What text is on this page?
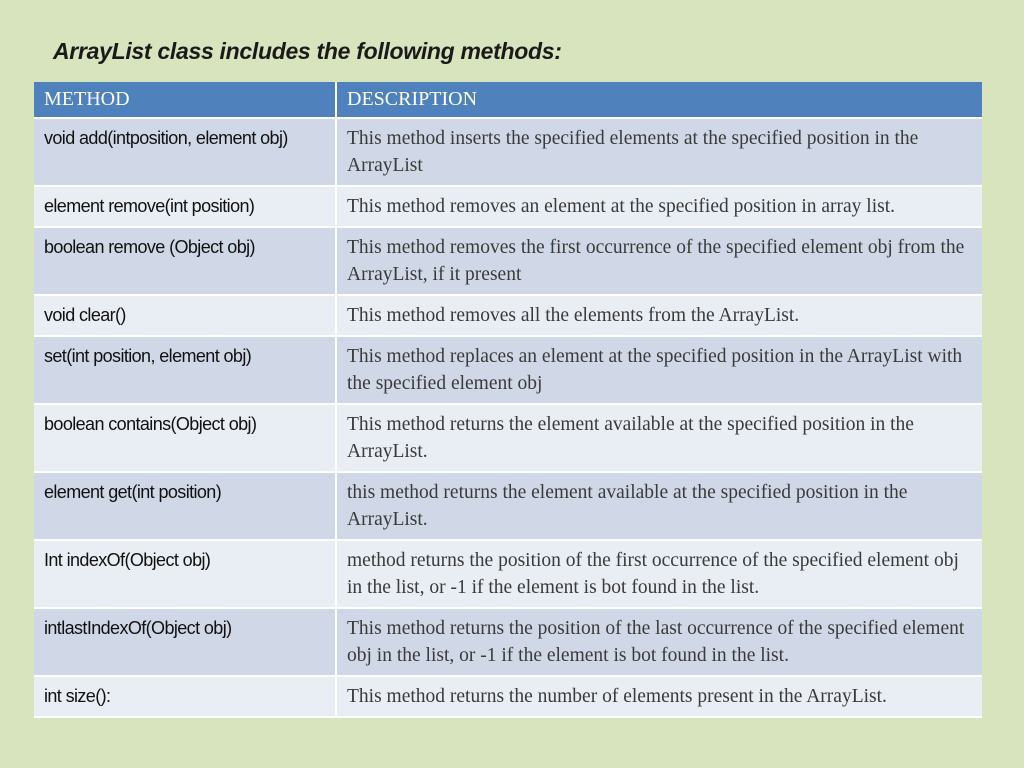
ArrayList class includes the following methods:
METHOD	DESCRIPTION
void add(intposition, element obj)	This method inserts the specified elements at the specified position in the ArrayList
element remove(int position)	This method removes an element at the specified position in array list.
boolean remove (Object obj)	This method removes the first occurrence of the specified element obj from the ArrayList, if it present
void clear()	This method removes all the elements from the ArrayList.
set(int position, element obj)	This method replaces an element at the specified position in the ArrayList with the specified element obj
boolean contains(Object obj)	This method returns the element available at the specified position in the ArrayList.
element get(int position)	this method returns the element available at the specified position in the ArrayList.
Int indexOf(Object obj)	method returns the position of the first occurrence of the specified element obj in the list, or -1 if the element is bot found in the list.
intlastIndexOf(Object obj)	This method returns the position of the last occurrence of the specified element obj in the list, or -1 if the element is bot found in the list.
int size():	This method returns the number of elements present in the ArrayList.
